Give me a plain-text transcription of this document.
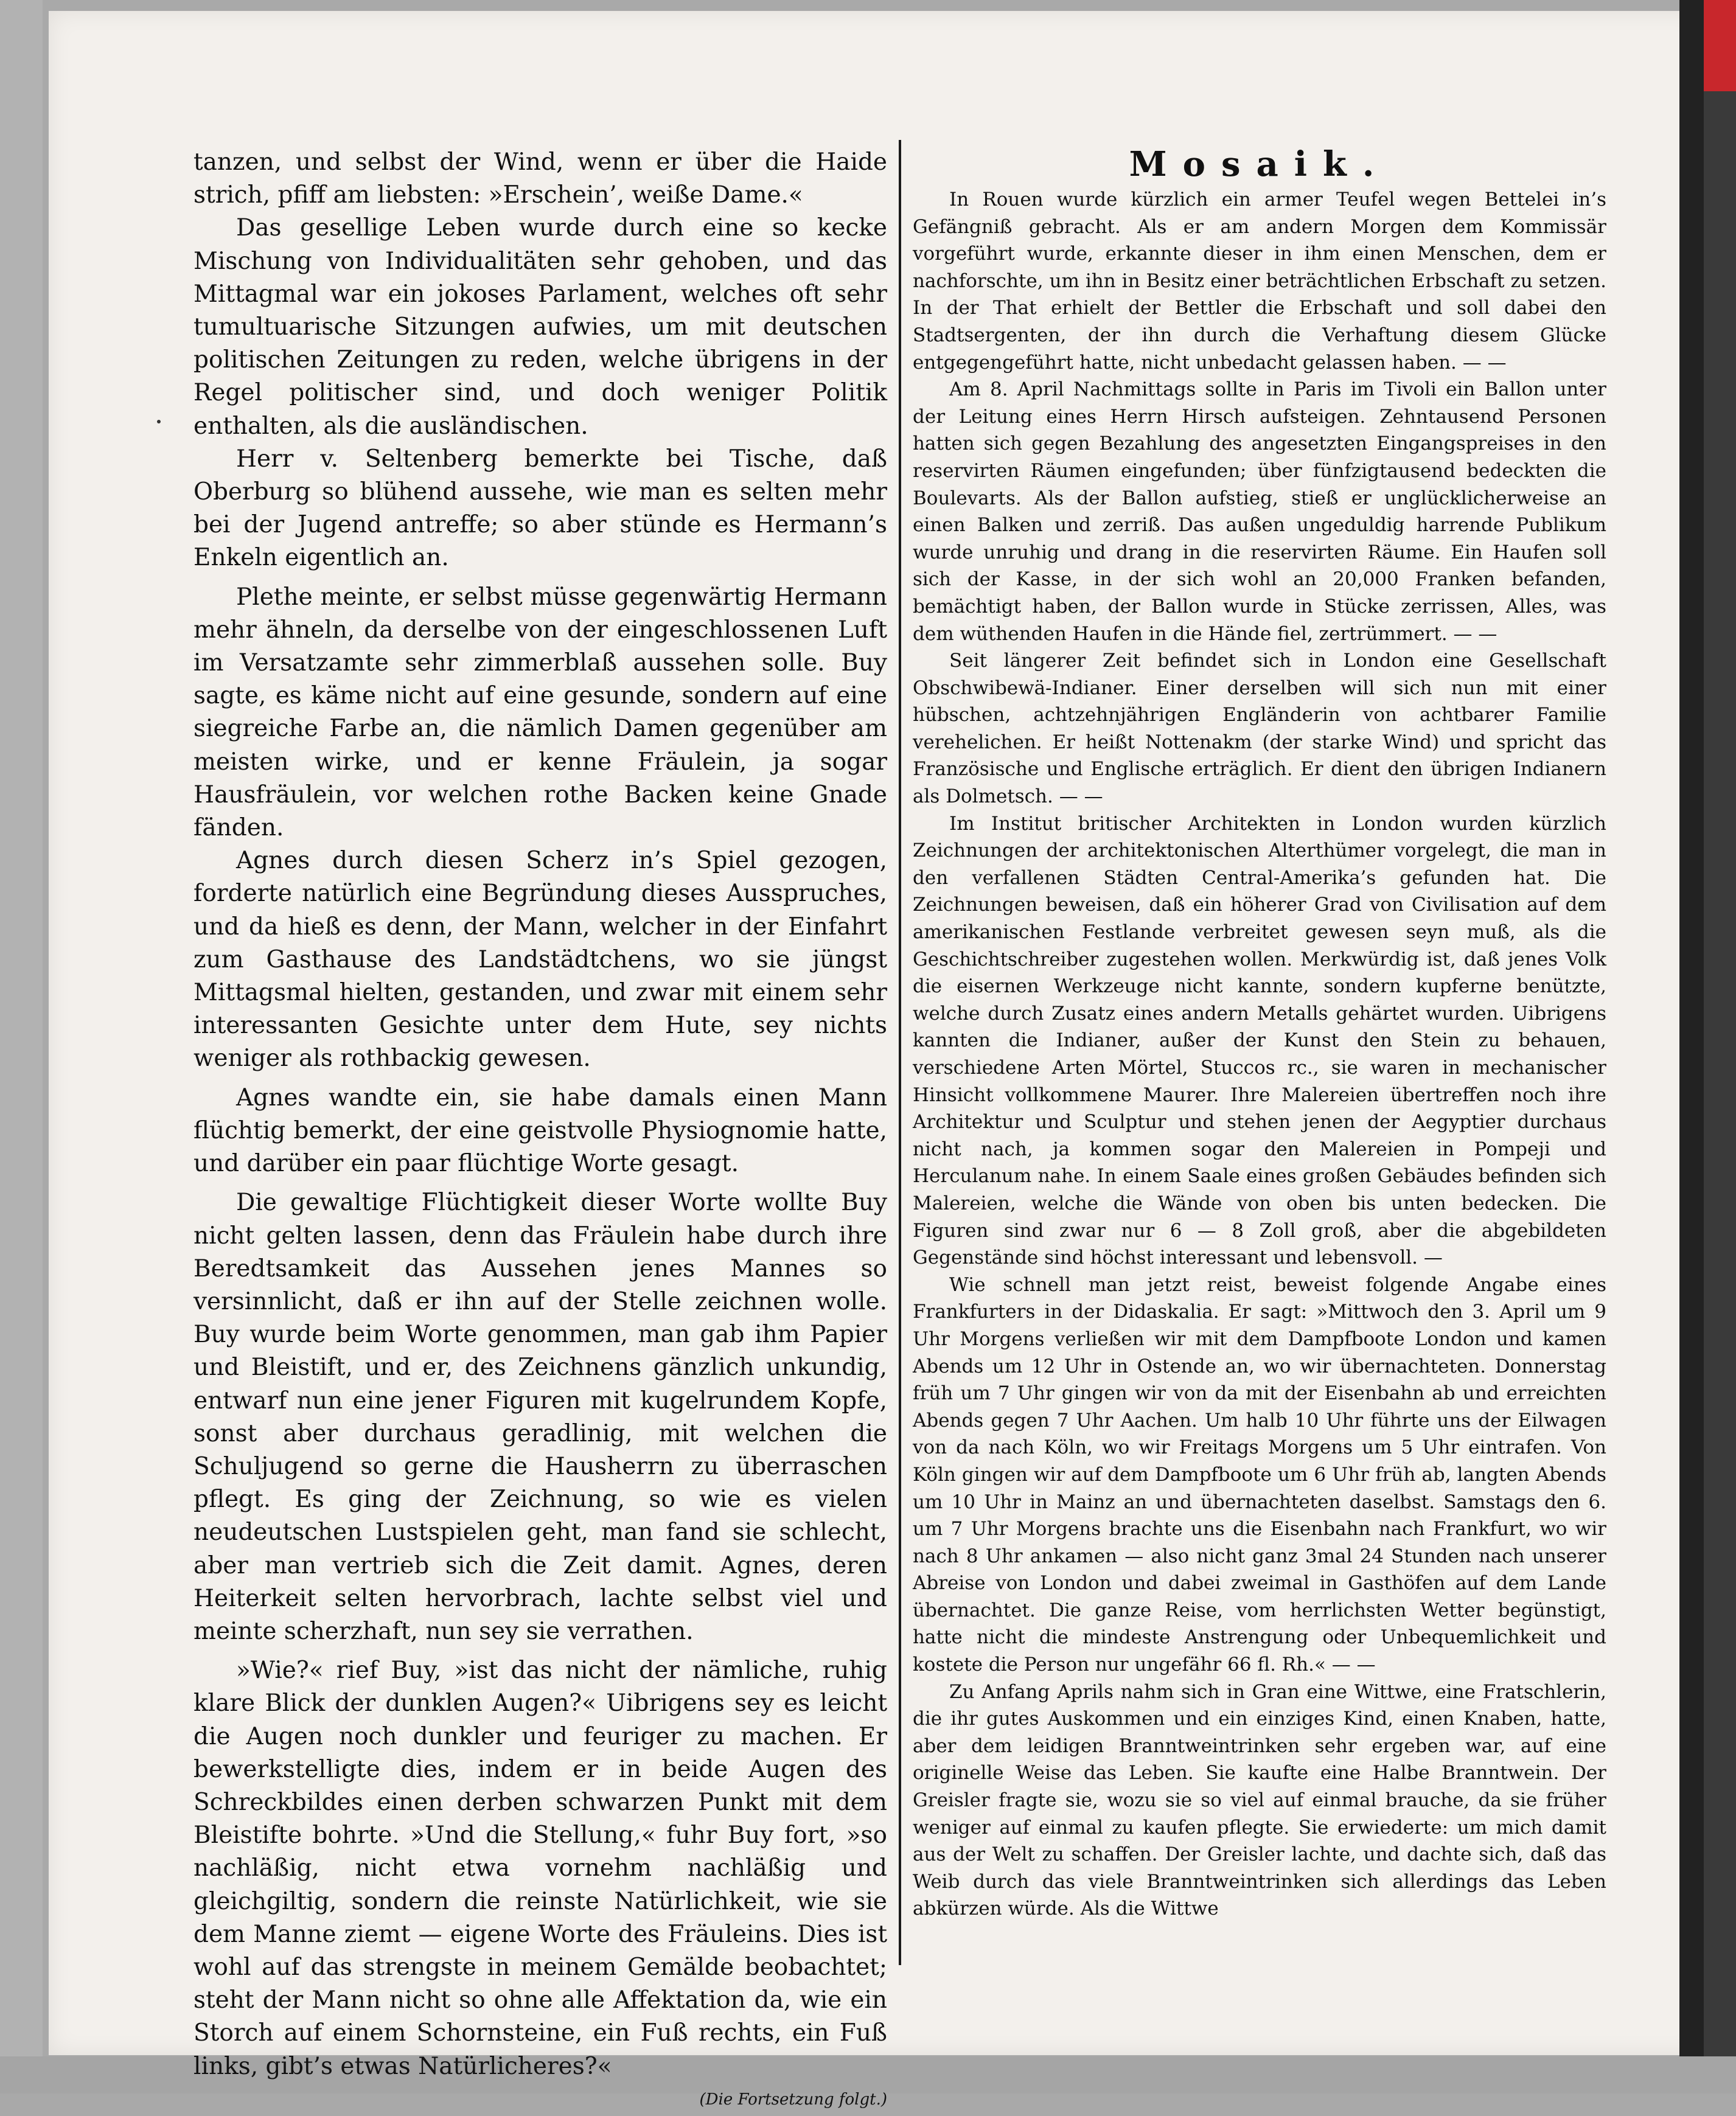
tanzen, und selbst der Wind, wenn er über die Haide strich, pfiff am liebsten: »Erschein’, weiße Dame.«

Das gesellige Leben wurde durch eine so kecke Mischung von Individualitäten sehr gehoben, und das Mittagmal war ein jokoses Parlament, welches oft sehr tumultuarische Sitzungen aufwies, um mit deutschen politischen Zeitungen zu reden, welche übrigens in der Regel politischer sind, und doch weniger Politik enthalten, als die ausländischen.

Herr v. Seltenberg bemerkte bei Tische, daß Oberburg so blühend aussehe, wie man es selten mehr bei der Jugend antreffe; so aber stünde es Hermann’s Enkeln eigentlich an.

Plethe meinte, er selbst müsse gegenwärtig Hermann mehr ähneln, da derselbe von der eingeschlossenen Luft im Versatzamte sehr zimmerblaß aussehen solle. Buy sagte, es käme nicht auf eine gesunde, sondern auf eine siegreiche Farbe an, die nämlich Damen gegenüber am meisten wirke, und er kenne Fräulein, ja sogar Hausfräulein, vor welchen rothe Backen keine Gnade fänden.

Agnes durch diesen Scherz in’s Spiel gezogen, forderte natürlich eine Begründung dieses Ausspruches, und da hieß es denn, der Mann, welcher in der Einfahrt zum Gasthause des Landstädtchens, wo sie jüngst Mittagsmal hielten, gestanden, und zwar mit einem sehr interessanten Gesichte unter dem Hute, sey nichts weniger als rothbackig gewesen.

Agnes wandte ein, sie habe damals einen Mann flüchtig bemerkt, der eine geistvolle Physiognomie hatte, und darüber ein paar flüchtige Worte gesagt.

Die gewaltige Flüchtigkeit dieser Worte wollte Buy nicht gelten lassen, denn das Fräulein habe durch ihre Beredtsamkeit das Aussehen jenes Mannes so versinnlicht, daß er ihn auf der Stelle zeichnen wolle. Buy wurde beim Worte genommen, man gab ihm Papier und Bleistift, und er, des Zeichnens gänzlich unkundig, entwarf nun eine jener Figuren mit kugelrundem Kopfe, sonst aber durchaus geradlinig, mit welchen die Schuljugend so gerne die Hausherrn zu überraschen pflegt. Es ging der Zeichnung, so wie es vielen neudeutschen Lustspielen geht, man fand sie schlecht, aber man vertrieb sich die Zeit damit. Agnes, deren Heiterkeit selten hervorbrach, lachte selbst viel und meinte scherzhaft, nun sey sie verrathen.

»Wie?« rief Buy, »ist das nicht der nämliche, ruhig klare Blick der dunklen Augen?« Uibrigens sey es leicht die Augen noch dunkler und feuriger zu machen. Er bewerkstelligte dies, indem er in beide Augen des Schreckbildes einen derben schwarzen Punkt mit dem Bleistifte bohrte. »Und die Stellung,« fuhr Buy fort, »so nachläßig, nicht etwa vornehm nachläßig und gleichgiltig, sondern die reinste Natürlichkeit, wie sie dem Manne ziemt — eigene Worte des Fräuleins. Dies ist wohl auf das strengste in meinem Gemälde beobachtet; steht der Mann nicht so ohne alle Affektation da, wie ein Storch auf einem Schornsteine, ein Fuß rechts, ein Fuß links, gibt’s etwas Natürlicheres?«

(Die Fortsetzung folgt.)

Mosaik.

In Rouen wurde kürzlich ein armer Teufel wegen Bettelei in’s Gefängniß gebracht. Als er am andern Morgen dem Kommissär vorgeführt wurde, erkannte dieser in ihm einen Menschen, dem er nachforschte, um ihn in Besitz einer beträchtlichen Erbschaft zu setzen. In der That erhielt der Bettler die Erbschaft und soll dabei den Stadtsergenten, der ihn durch die Verhaftung diesem Glücke entgegengeführt hatte, nicht unbedacht gelassen haben. — —

Am 8. April Nachmittags sollte in Paris im Tivoli ein Ballon unter der Leitung eines Herrn Hirsch aufsteigen. Zehntausend Personen hatten sich gegen Bezahlung des angesetzten Eingangspreises in den reservirten Räumen eingefunden; über fünfzigtausend bedeckten die Boulevarts. Als der Ballon aufstieg, stieß er unglücklicherweise an einen Balken und zerriß. Das außen ungeduldig harrende Publikum wurde unruhig und drang in die reservirten Räume. Ein Haufen soll sich der Kasse, in der sich wohl an 20,000 Franken befanden, bemächtigt haben, der Ballon wurde in Stücke zerrissen, Alles, was dem wüthenden Haufen in die Hände fiel, zertrümmert. — —

Seit längerer Zeit befindet sich in London eine Gesellschaft Obschwibewä-Indianer. Einer derselben will sich nun mit einer hübschen, achtzehnjährigen Engländerin von achtbarer Familie verehelichen. Er heißt Nottenakm (der starke Wind) und spricht das Französische und Englische erträglich. Er dient den übrigen Indianern als Dolmetsch. — —

Im Institut britischer Architekten in London wurden kürzlich Zeichnungen der architektonischen Alterthümer vorgelegt, die man in den verfallenen Städten Central-Amerika’s gefunden hat. Die Zeichnungen beweisen, daß ein höherer Grad von Civilisation auf dem amerikanischen Festlande verbreitet gewesen seyn muß, als die Geschichtschreiber zugestehen wollen. Merkwürdig ist, daß jenes Volk die eisernen Werkzeuge nicht kannte, sondern kupferne benützte, welche durch Zusatz eines andern Metalls gehärtet wurden. Uibrigens kannten die Indianer, außer der Kunst den Stein zu behauen, verschiedene Arten Mörtel, Stuccos rc., sie waren in mechanischer Hinsicht vollkommene Maurer. Ihre Malereien übertreffen noch ihre Architektur und Sculptur und stehen jenen der Aegyptier durchaus nicht nach, ja kommen sogar den Malereien in Pompeji und Herculanum nahe. In einem Saale eines großen Gebäudes befinden sich Malereien, welche die Wände von oben bis unten bedecken. Die Figuren sind zwar nur 6 — 8 Zoll groß, aber die abgebildeten Gegenstände sind höchst interessant und lebensvoll. —

Wie schnell man jetzt reist, beweist folgende Angabe eines Frankfurters in der Didaskalia. Er sagt: »Mittwoch den 3. April um 9 Uhr Morgens verließen wir mit dem Dampfboote London und kamen Abends um 12 Uhr in Ostende an, wo wir übernachteten. Donnerstag früh um 7 Uhr gingen wir von da mit der Eisenbahn ab und erreichten Abends gegen 7 Uhr Aachen. Um halb 10 Uhr führte uns der Eilwagen von da nach Köln, wo wir Freitags Morgens um 5 Uhr eintrafen. Von Köln gingen wir auf dem Dampfboote um 6 Uhr früh ab, langten Abends um 10 Uhr in Mainz an und übernachteten daselbst. Samstags den 6. um 7 Uhr Morgens brachte uns die Eisenbahn nach Frankfurt, wo wir nach 8 Uhr ankamen — also nicht ganz 3mal 24 Stunden nach unserer Abreise von London und dabei zweimal in Gasthöfen auf dem Lande übernachtet. Die ganze Reise, vom herrlichsten Wetter begünstigt, hatte nicht die mindeste Anstrengung oder Unbequemlichkeit und kostete die Person nur ungefähr 66 fl. Rh.« — —

Zu Anfang Aprils nahm sich in Gran eine Wittwe, eine Fratschlerin, die ihr gutes Auskommen und ein einziges Kind, einen Knaben, hatte, aber dem leidigen Branntweintrinken sehr ergeben war, auf eine originelle Weise das Leben. Sie kaufte eine Halbe Branntwein. Der Greisler fragte sie, wozu sie so viel auf einmal brauche, da sie früher weniger auf einmal zu kaufen pflegte. Sie erwiederte: um mich damit aus der Welt zu schaffen. Der Greisler lachte, und dachte sich, daß das Weib durch das viele Branntweintrinken sich allerdings das Leben abkürzen würde. Als die Wittwe
